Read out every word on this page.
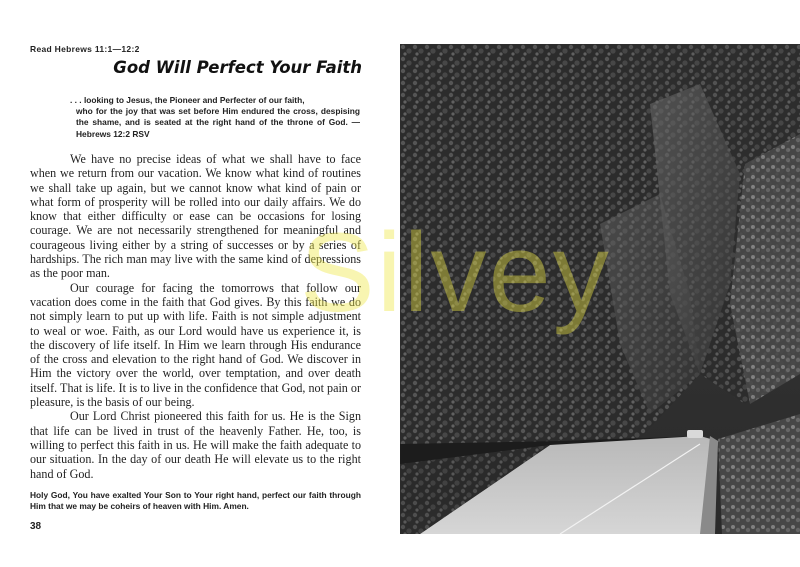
Read Hebrews 11:1—12:2
God Will Perfect Your Faith
. . . looking to Jesus, the Pioneer and Perfecter of our faith,
who for the joy that was set before Him endured the cross, despising the shame, and is seated at the right hand of the throne of God. — Hebrews 12:2 RSV

We have no precise ideas of what we shall have to face when we return from our vacation. We know what kind of routines we shall take up again, but we cannot know what kind of pain or what form of prosperity will be rolled into our daily affairs. We do know that either difficulty or ease can be occasions for losing courage. We are not necessarily strengthened for meaningful and courageous living either by a string of successes or by a series of hardships. The rich man may live with the same kind of depressions as the poor man.

Our courage for facing the tomorrows that follow our vacation does come in the faith that God gives. By this faith we do not simply learn to put up with life. Faith is not simple adjustment to weal or woe. Faith, as our Lord would have us experience it, is the discovery of life itself. In Him we learn through His endurance of the cross and elevation to the right hand of God. We discover in Him the victory over the world, over temptation, and over death itself. That is life. It is to live in the confidence that God, not pain or pleasure, is the basis of our being.

Our Lord Christ pioneered this faith for us. He is the Sign that life can be lived in trust of the heavenly Father. He, too, is willing to perfect this faith in us. He will make the faith adequate to our situation. In the day of our death He will elevate us to the right hand of God.

Holy God, You have exalted Your Son to Your right hand, perfect our faith through Him that we may be coheirs of heaven with Him. Amen.
38
Silvey
